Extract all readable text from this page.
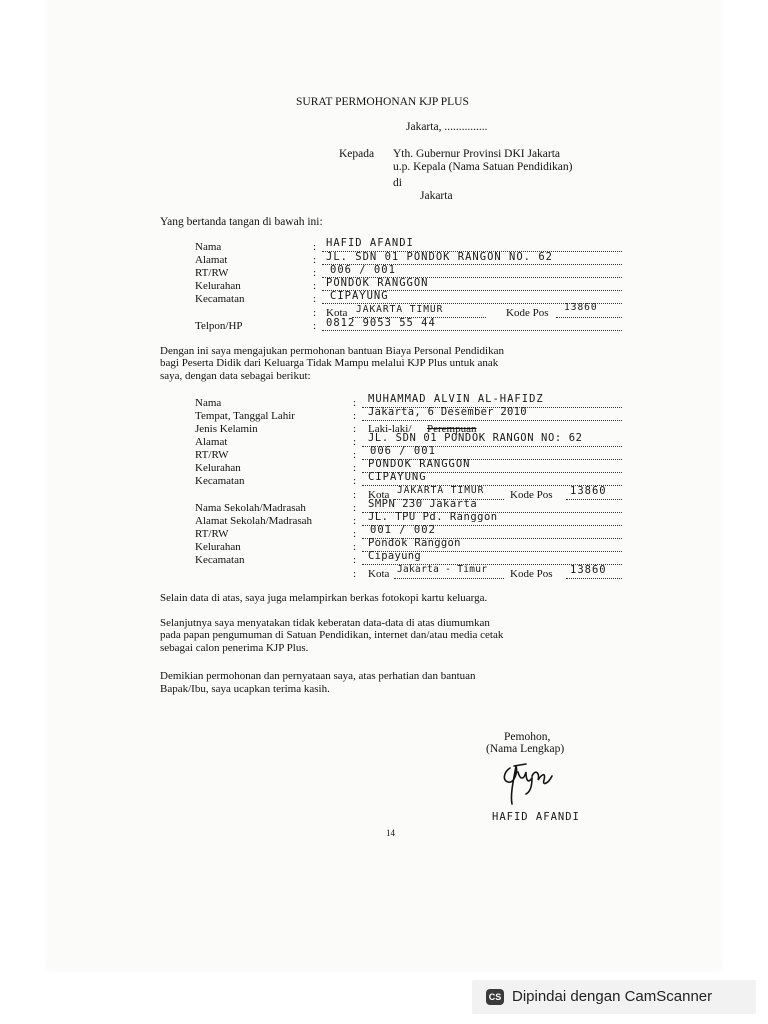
SURAT PERMOHONAN KJP PLUS
Jakarta, ...............
Kepada Yth. Gubernur Provinsi DKI Jakarta
u.p. Kepala (Nama Satuan Pendidikan)
di
Jakarta
Yang bertanda tangan di bawah ini:
Nama	: HAFID AFANDI
Alamat	: JL. SDN 01 PONDOK RANGON NO. 62
RT/RW	: 006 / 001
Kelurahan	: PONDOK RANGGON
Kecamatan	: CIPAYUNG
: Kota JAKARTA TIMUR	Kode Pos 13860
Telpon/HP	: 0812 9053 55 44
Dengan ini saya mengajukan permohonan bantuan Biaya Personal Pendidikan
bagi Peserta Didik dari Keluarga Tidak Mampu melalui KJP Plus untuk anak
saya, dengan data sebagai berikut:
Nama	: MUHAMMAD ALVIN AL-HAFIDZ
Tempat, Tanggal Lahir	: Jakarta, 6 Desember 2010
Jenis Kelamin	: Laki-laki/ Perempuan
Alamat	: JL. SDN 01 PONDOK RANGON NO: 62
RT/RW	: 006 / 001
Kelurahan	: PONDOK RANGGON
Kecamatan	: CIPAYUNG
: Kota JAKARTA TIMUR Kode Pos 13860
Nama Sekolah/Madrasah	: SMPN 230 Jakarta
Alamat Sekolah/Madrasah	: JL. TPU Pd. Ranggon
RT/RW	: 001 / 002
Kelurahan	: Pondok Ranggon
Kecamatan	: Cipayung
: Kota Jakarta - Timur Kode Pos 13860
Selain data di atas, saya juga melampirkan berkas fotokopi kartu keluarga.
Selanjutnya saya menyatakan tidak keberatan data-data di atas diumumkan
pada papan pengumuman di Satuan Pendidikan, internet dan/atau media cetak
sebagai calon penerima KJP Plus.
Demikian permohonan dan pernyataan saya, atas perhatian dan bantuan
Bapak/Ibu, saya ucapkan terima kasih.
Pemohon,
(Nama Lengkap)
HAFID AFANDI
14
CS Dipindai dengan CamScanner
